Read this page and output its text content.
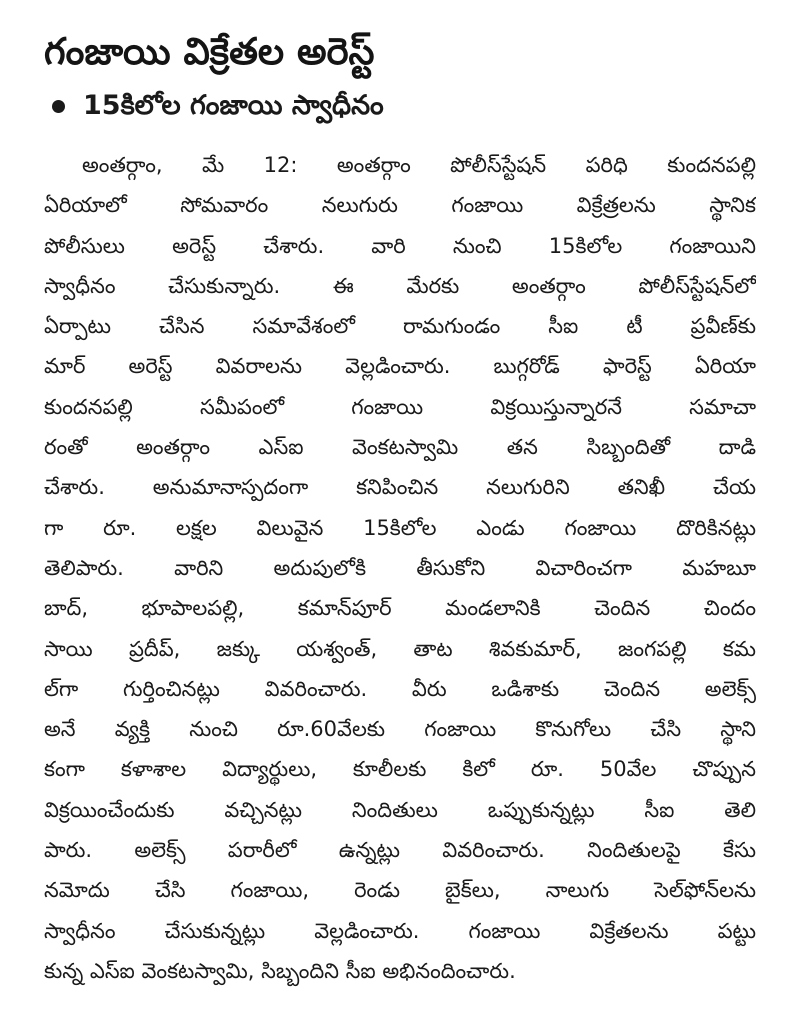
గంజాయి విక్రేతల అరెస్ట్
15కిలోల గంజాయి స్వాధీనం
అంతర్గాం, మే 12: అంతర్గాం పోలీస్‌స్టేషన్ పరిధి కుందనపల్లి
ఏరియాలో సోమవారం నలుగురు గంజాయి విక్రేత్రలను స్థానిక
పోలీసులు అరెస్ట్ చేశారు. వారి నుంచి 15కిలోల గంజాయిని
స్వాధీనం చేసుకున్నారు. ఈ మేరకు అంతర్గాం పోలీస్‌స్టేషన్‌లో
ఏర్పాటు చేసిన సమావేశంలో రామగుండం సీఐ టీ ప్రవీణ్‌కు
మార్ అరెస్ట్ వివరాలను వెల్లడించారు. బుగ్గరోడ్ ఫారెస్ట్ ఏరియా
కుందనపల్లి సమీపంలో గంజాయి విక్రయిస్తున్నారనే సమాచా
రంతో అంతర్గాం ఎస్ఐ వెంకటస్వామి తన సిబ్బందితో దాడి
చేశారు. అనుమానాస్పదంగా కనిపించిన నలుగురిని తనిఖీ చేయ
గా రూ. లక్షల విలువైన 15కిలోల ఎండు గంజాయి దొరికినట్లు
తెలిపారు. వారిని అదుపులోకి తీసుకోని విచారించగా మహబూ
బాద్, భూపాలపల్లి, కమాన్‌పూర్ మండలానికి చెందిన చిందం
సాయి ప్రదీప్, జక్కు యశ్వంత్, తాట శివకుమార్, జంగపల్లి కమ
ల్‌గా గుర్తించినట్లు వివరించారు. వీరు ఒడిశాకు చెందిన అలెక్స్
అనే వ్యక్తి నుంచి రూ.60వేలకు గంజాయి కొనుగోలు చేసి స్థాని
కంగా కళాశాల విద్యార్థులు, కూలీలకు కిలో రూ. 50వేల చొప్పున
విక్రయించేందుకు వచ్చినట్లు నిందితులు ఒప్పుకున్నట్లు సీఐ తెలి
పారు. అలెక్స్ పరారీలో ఉన్నట్లు వివరించారు. నిందితులపై కేసు
నమోదు చేసి గంజాయి, రెండు బైక్‌లు, నాలుగు సెల్‌ఫోన్‌లను
స్వాధీనం చేసుకున్నట్లు వెల్లడించారు. గంజాయి విక్రేతలను పట్టు
కున్న ఎస్ఐ వెంకటస్వామి, సిబ్బందిని సీఐ అభినందించారు.
